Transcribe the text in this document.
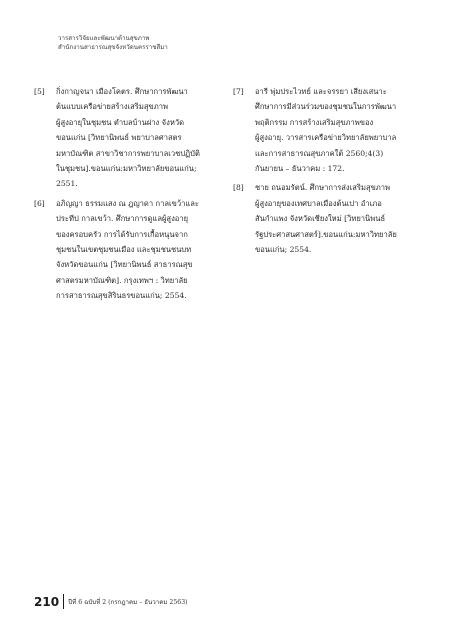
วารสารวิจัยและพัฒนาด้านสุขภาพ
สำนักงานสาธารณสุขจังหวัดนครราชสีมา
[5]	กิ่งกาญจนา เมืองโคตร. ศึกษาการพัฒนา
ต้นแบบเครือข่ายสร้างเสริมสุขภาพ
ผู้สูงอายุในชุมชน ตำบลบ้านฝาง จังหวัด
ขอนแก่น [วิทยานิพนธ์ พยาบาลศาสตร
มหาบัณฑิต สาขาวิชาการพยาบาลเวชปฏิบัติ
ในชุมชน].ขอนแก่น:มหาวิทยาลัยขอนแก่น;
2551.
[6]	อภิญญา ธรรมแสง ณ ฎญาดา กาลเขว้าและ
ประทีป กาลเขว้า. ศึกษาการดูแลผู้สูงอายุ
ของครอบครัว การได้รับการเกื้อหนุนจาก
ชุมชนในเขตชุมชนเมือง และชุมชนชนบท
จังหวัดขอนแก่น [วิทยานิพนธ์ สาธารณสุข
ศาสตรมหาบัณฑิต]. กรุงเทพฯ : วิทยาลัย
การสาธารณสุขสิรินธรขอนแก่น; 2554.
[7]	อารี พุ่มประไวทย์ และจรรยา เสียงเสนาะ
ศึกษาการมีส่วนร่วมของชุมชนในการพัฒนา
พฤติกรรม การสร้างเสริมสุขภาพของ
ผู้สูงอายุ. วารสารเครือข่ายวิทยาลัยพยาบาล
และการสาธารณสุขภาคใต้ 2560;4(3)
กันยายน – ธันวาคม : 172.
[8]	ชาย ถนอมรัตน์. ศึกษาการส่งเสริมสุขภาพ
ผู้สูงอายุของเทศบาลเมืองต้นเปา อำเภอ
สันกำแพง จังหวัดเชียงใหม่ [วิทยานิพนธ์
รัฐประศาสนศาสตร์].ขอนแก่น:มหาวิทยาลัย
ขอนแก่น; 2554.
210 ปีที่ 6 ฉบับที่ 2 (กรกฎาคม – ธันวาคม 2563)
